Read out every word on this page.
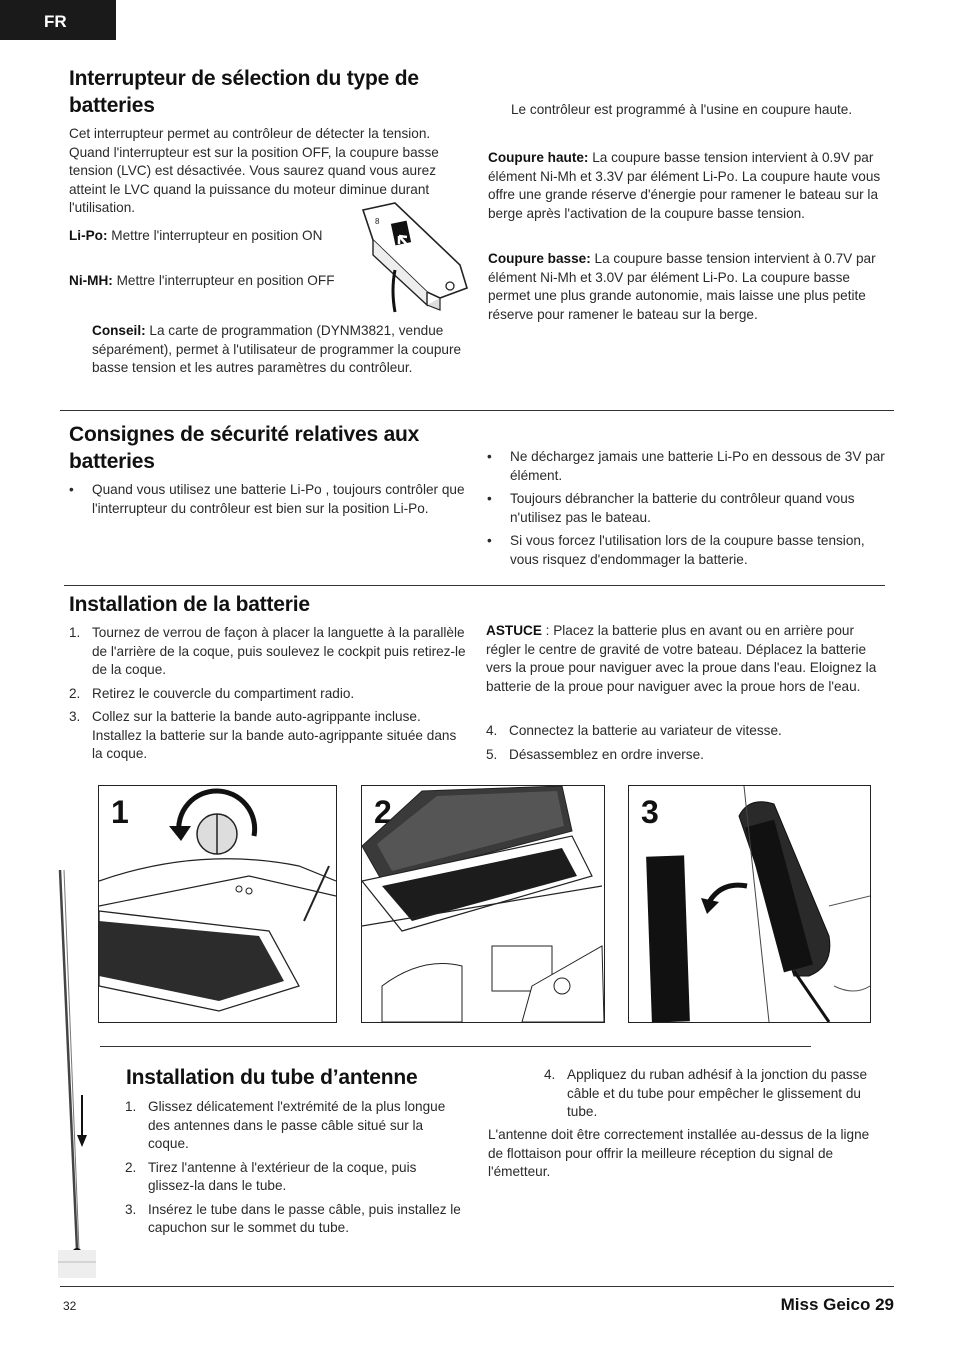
FR
Interrupteur de sélection du type de batteries

Cet interrupteur permet au contrôleur de détecter la tension. Quand l'interrupteur est sur la position OFF, la coupure basse tension (LVC) est désactivée. Vous saurez quand vous aurez atteint le LVC quand la puissance du moteur diminue durant l'utilisation.

Li-Po: Mettre l'interrupteur en position ON

Ni-MH: Mettre l'interrupteur en position OFF

8

Conseil: La carte de programmation (DYNM3821, vendue séparément), permet à l'utilisateur de programmer la coupure basse tension et les autres paramètres du contrôleur.

Le contrôleur est programmé à l'usine en coupure haute.

Coupure haute: La coupure basse tension intervient à 0.9V par élément Ni-Mh et 3.3V par élément Li-Po. La coupure haute vous offre une grande réserve d'énergie pour ramener le bateau sur la berge après l'activation de la coupure basse tension.

Coupure basse: La coupure basse tension intervient à 0.7V par élément Ni-Mh et 3.0V par élément Li-Po. La coupure basse permet une plus grande autonomie, mais laisse une plus petite réserve pour ramener le bateau sur la berge.

Consignes de sécurité relatives aux batteries
• Quand vous utilisez une batterie Li-Po , toujours contrôler que l'interrupteur du contrôleur est bien sur la position Li-Po.
• Ne déchargez jamais une batterie Li-Po en dessous de 3V par élément.
• Toujours débrancher la batterie du contrôleur quand vous n'utilisez pas le bateau.
• Si vous forcez l'utilisation lors de la coupure basse tension, vous risquez d'endommager la batterie.
Installation de la batterie
1. Tournez de verrou de façon à placer la languette à la parallèle de l'arrière de la coque, puis soulevez le cockpit puis retirez-le de la coque.
2. Retirez le couvercle du compartiment radio.
3. Collez sur la batterie la bande auto-agrippante incluse. Installez la batterie sur la bande auto-agrippante située dans la coque.

ASTUCE : Placez la batterie plus en avant ou en arrière pour régler le centre de gravité de votre bateau. Déplacez la batterie vers la proue pour naviguer avec la proue dans l'eau. Eloignez la batterie de la proue pour naviguer avec la proue hors de l'eau.

4. Connectez la batterie au variateur de vitesse.
5. Désassemblez en ordre inverse.
1	2	3
Installation du tube d’antenne
1. Glissez délicatement l'extrémité de la plus longue des antennes dans le passe câble situé sur la coque.
2. Tirez l'antenne à l'extérieur de la coque, puis glissez-la dans le tube.
3. Insérez le tube dans le passe câble, puis installez le capuchon sur le sommet du tube.
4. Appliquez du ruban adhésif à la jonction du passe câble et du tube pour empêcher le glissement du tube.

L'antenne doit être correctement installée au-dessus de la ligne de flottaison pour offrir la meilleure réception du signal de l'émetteur.

32	Miss Geico 29
